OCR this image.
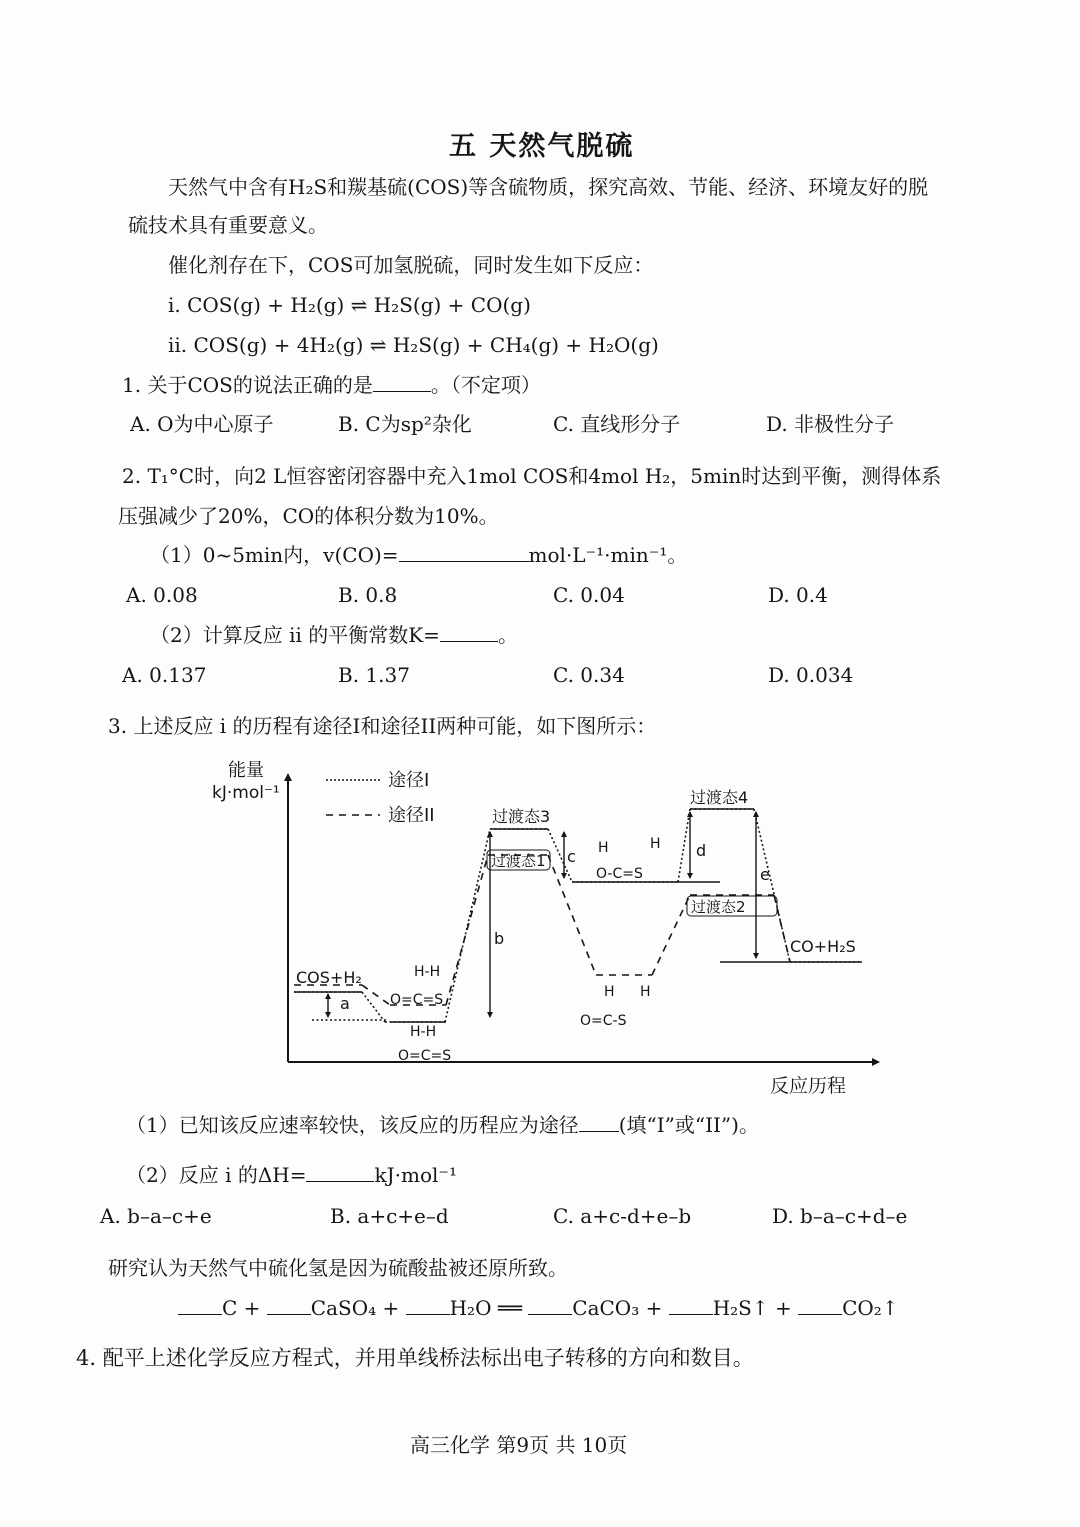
五 天然气脱硫
天然气中含有H₂S和羰基硫(COS)等含硫物质，探究高效、节能、经济、环境友好的脱
硫技术具有重要意义。
催化剂存在下，COS可加氢脱硫，同时发生如下反应：
i. COS(g) + H₂(g) ⇌ H₂S(g) + CO(g)
ii. COS(g) + 4H₂(g) ⇌ H₂S(g) + CH₄(g) + H₂O(g)
1. 关于COS的说法正确的是	。（不定项）
A. O为中心原子	B. C为sp²杂化	C. 直线形分子	D. 非极性分子
2. T₁°C时，向2 L恒容密闭容器中充入1mol COS和4mol H₂，5min时达到平衡，测得体系
压强减少了20%，CO的体积分数为10%。
（1）0~5min内，v(CO)=	mol·L⁻¹·min⁻¹。
A. 0.08	B. 0.8	C. 0.04	D. 0.4
（2）计算反应 ii 的平衡常数K=	。
A. 0.137	B. 1.37	C. 0.34	D. 0.034
3. 上述反应 i 的历程有途径I和途径II两种可能，如下图所示：
能量
kJ·mol⁻¹
反应历程
途径I
途径II
a
b
c	d
e
过渡态3
过渡态4
过渡态1
过渡态2
COS+H₂
CO+H₂S
H-H
O=C=S
H-H
O=C=S
H	H
O-C=S
H H
O=C-S
（1）已知该反应速率较快，该反应的历程应为途径 (填“I”或“II”)。
（2）反应 i 的ΔH=	kJ·mol⁻¹
A. b–a–c+e	B. a+c+e–d	C. a+c-d+e–b	D. b–a–c+d–e
研究认为天然气中硫化氢是因为硫酸盐被还原所致。
C +	CaSO₄ +	H₂O ══	CaCO₃ +	H₂S↑ +	CO₂↑
4. 配平上述化学反应方程式，并用单线桥法标出电子转移的方向和数目。
高三化学 第9页 共 10页
